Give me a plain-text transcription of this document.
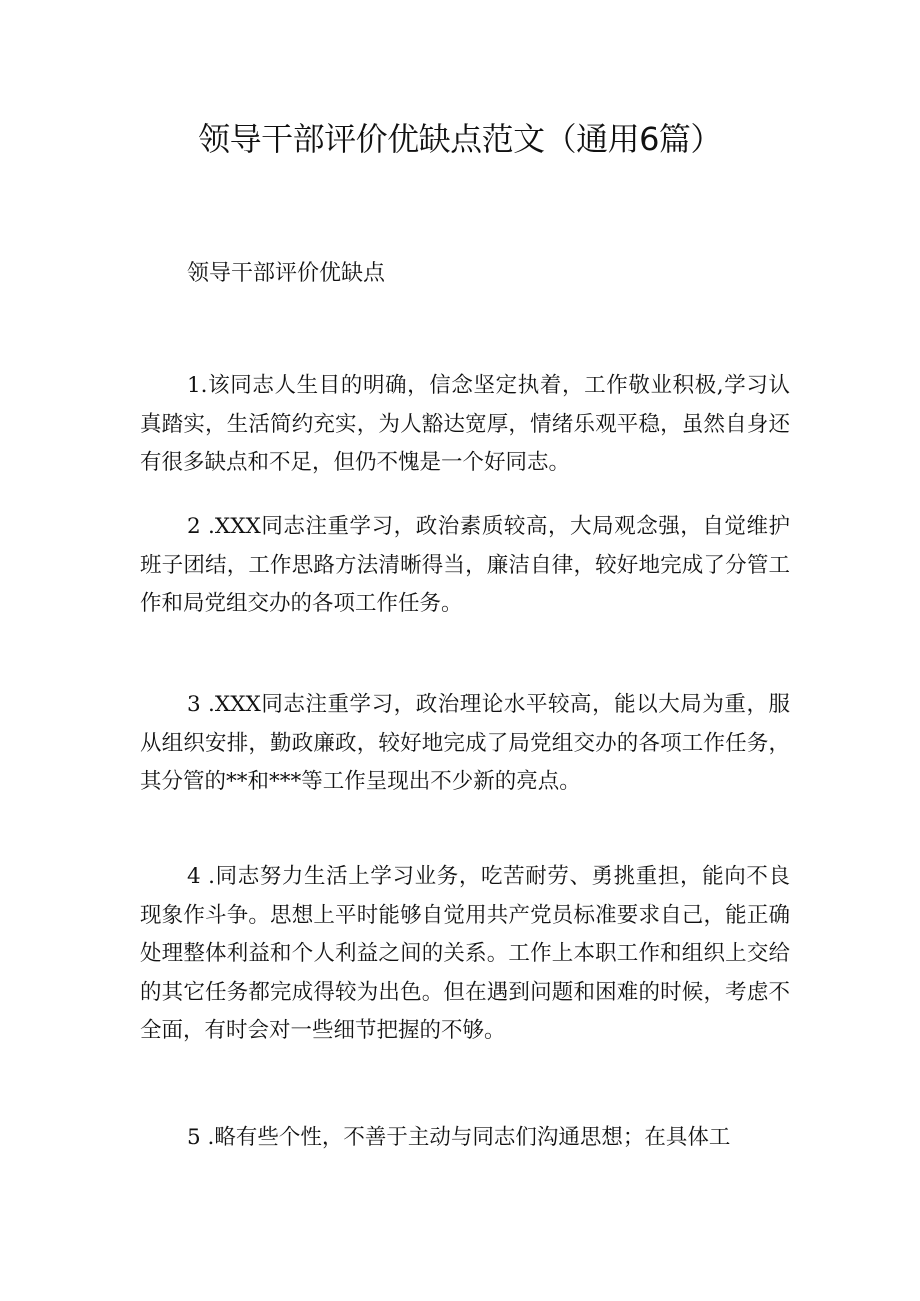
领导干部评价优缺点范文（通用6篇）

领导干部评价优缺点

1.该同志人生目的明确，信念坚定执着，工作敬业积极,学习认真踏实，生活简约充实，为人豁达宽厚，情绪乐观平稳，虽然自身还有很多缺点和不足，但仍不愧是一个好同志。

2 .XXX同志注重学习，政治素质较高，大局观念强，自觉维护班子团结，工作思路方法清晰得当，廉洁自律，较好地完成了分管工作和局党组交办的各项工作任务。

3 .XXX同志注重学习，政治理论水平较高，能以大局为重，服从组织安排，勤政廉政，较好地完成了局党组交办的各项工作任务，其分管的**和***等工作呈现出不少新的亮点。

4 .同志努力生活上学习业务，吃苦耐劳、勇挑重担，能向不良现象作斗争。思想上平时能够自觉用共产党员标准要求自己，能正确处理整体利益和个人利益之间的关系。工作上本职工作和组织上交给的其它任务都完成得较为出色。但在遇到问题和困难的时候，考虑不全面，有时会对一些细节把握的不够。

5 .略有些个性，不善于主动与同志们沟通思想；在具体工
